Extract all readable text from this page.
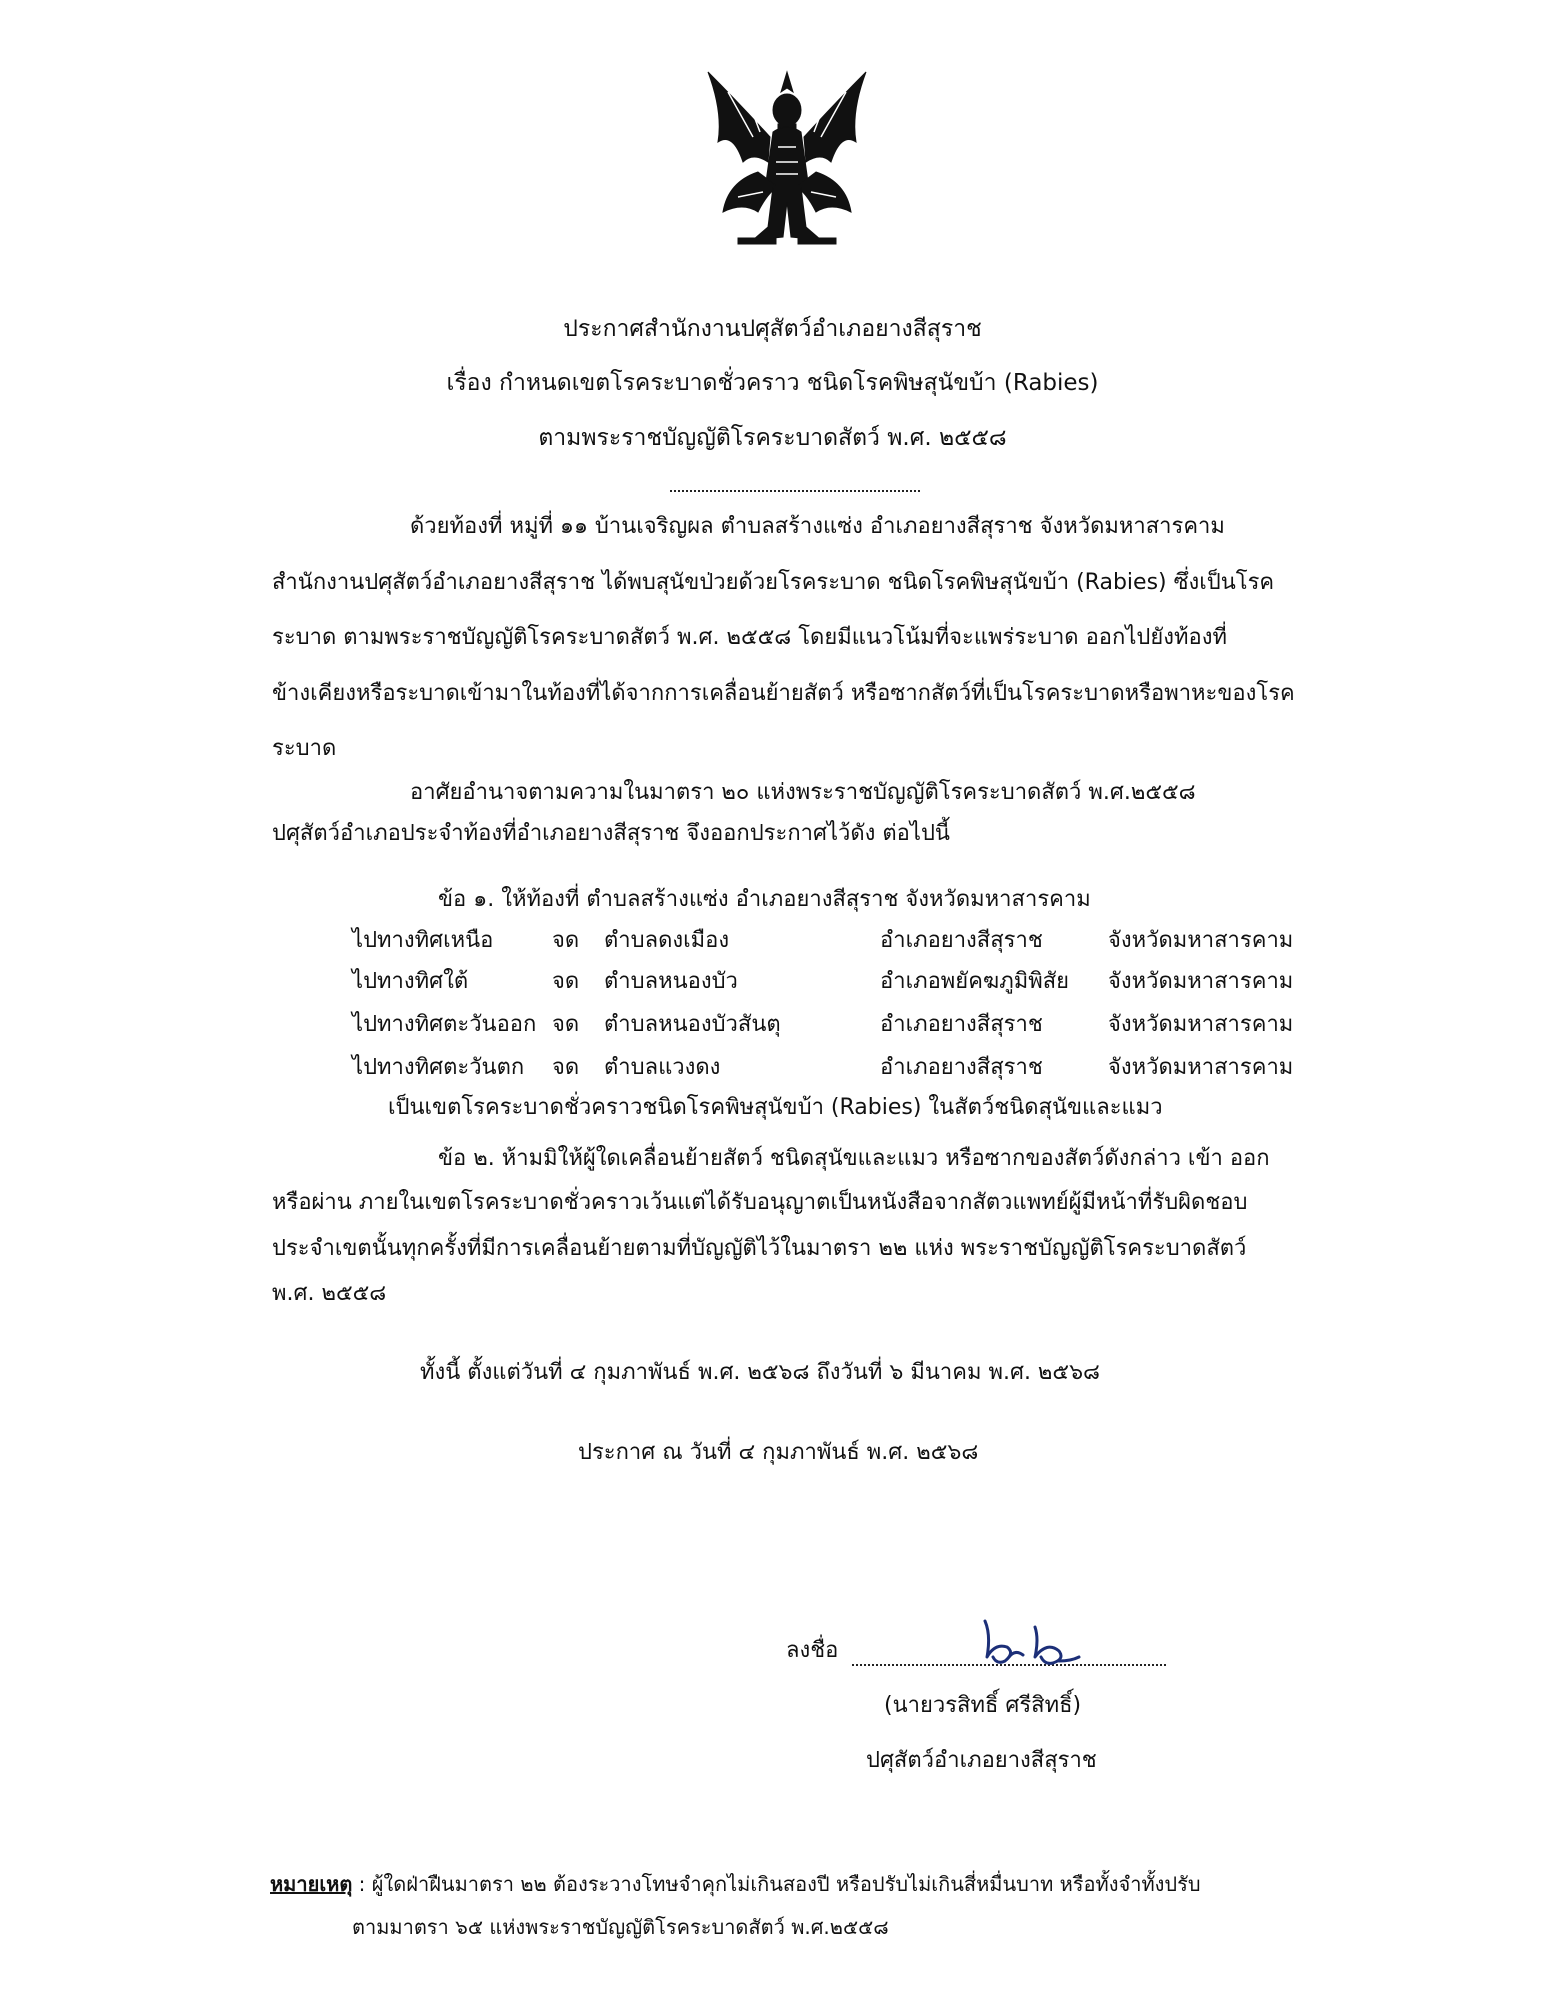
ประกาศสำนักงานปศุสัตว์อำเภอยางสีสุราช
เรื่อง กำหนดเขตโรคระบาดชั่วคราว ชนิดโรคพิษสุนัขบ้า (Rabies)
ตามพระราชบัญญัติโรคระบาดสัตว์ พ.ศ. ๒๕๕๘
ด้วยท้องที่ หมู่ที่ ๑๑ บ้านเจริญผล ตำบลสร้างแซ่ง อำเภอยางสีสุราช จังหวัดมหาสารคาม
สำนักงานปศุสัตว์อำเภอยางสีสุราช ได้พบสุนัขป่วยด้วยโรคระบาด ชนิดโรคพิษสุนัขบ้า (Rabies) ซึ่งเป็นโรค
ระบาด ตามพระราชบัญญัติโรคระบาดสัตว์ พ.ศ. ๒๕๕๘ โดยมีแนวโน้มที่จะแพร่ระบาด ออกไปยังท้องที่
ข้างเคียงหรือระบาดเข้ามาในท้องที่ได้จากการเคลื่อนย้ายสัตว์ หรือซากสัตว์ที่เป็นโรคระบาดหรือพาหะของโรค
ระบาด
อาศัยอำนาจตามความในมาตรา ๒๐ แห่งพระราชบัญญัติโรคระบาดสัตว์ พ.ศ.๒๕๕๘
ปศุสัตว์อำเภอประจำท้องที่อำเภอยางสีสุราช จึงออกประกาศไว้ดัง ต่อไปนี้
ข้อ ๑. ให้ท้องที่ ตำบลสร้างแซ่ง อำเภอยางสีสุราช จังหวัดมหาสารคาม
ไปทางทิศเหนือ	จด ตำบลดงเมือง	อำเภอยางสีสุราช	จังหวัดมหาสารคาม
ไปทางทิศใต้	จด ตำบลหนองบัว	อำเภอพยัคฆภูมิพิสัย จังหวัดมหาสารคาม
ไปทางทิศตะวันออก จด ตำบลหนองบัวสันตุ	อำเภอยางสีสุราช	จังหวัดมหาสารคาม
ไปทางทิศตะวันตก จด ตำบลแวงดง	อำเภอยางสีสุราช	จังหวัดมหาสารคาม
เป็นเขตโรคระบาดชั่วคราวชนิดโรคพิษสุนัขบ้า (Rabies) ในสัตว์ชนิดสุนัขและแมว
ข้อ ๒. ห้ามมิให้ผู้ใดเคลื่อนย้ายสัตว์ ชนิดสุนัขและแมว หรือซากของสัตว์ดังกล่าว เข้า ออก
หรือผ่าน ภายในเขตโรคระบาดชั่วคราวเว้นแต่ได้รับอนุญาตเป็นหนังสือจากสัตวแพทย์ผู้มีหน้าที่รับผิดชอบ
ประจำเขตนั้นทุกครั้งที่มีการเคลื่อนย้ายตามที่บัญญัติไว้ในมาตรา ๒๒ แห่ง พระราชบัญญัติโรคระบาดสัตว์
พ.ศ. ๒๕๕๘
ทั้งนี้ ตั้งแต่วันที่ ๔ กุมภาพันธ์ พ.ศ. ๒๕๖๘ ถึงวันที่ ๖ มีนาคม พ.ศ. ๒๕๖๘
ประกาศ ณ วันที่ ๔ กุมภาพันธ์ พ.ศ. ๒๕๖๘
ลงชื่อ
(นายวรสิทธิ์ ศรีสิทธิ์)
ปศุสัตว์อำเภอยางสีสุราช
หมายเหตุ : ผู้ใดฝ่าฝืนมาตรา ๒๒ ต้องระวางโทษจำคุกไม่เกินสองปี หรือปรับไม่เกินสี่หมื่นบาท หรือทั้งจำทั้งปรับ
ตามมาตรา ๖๕ แห่งพระราชบัญญัติโรคระบาดสัตว์ พ.ศ.๒๕๕๘
